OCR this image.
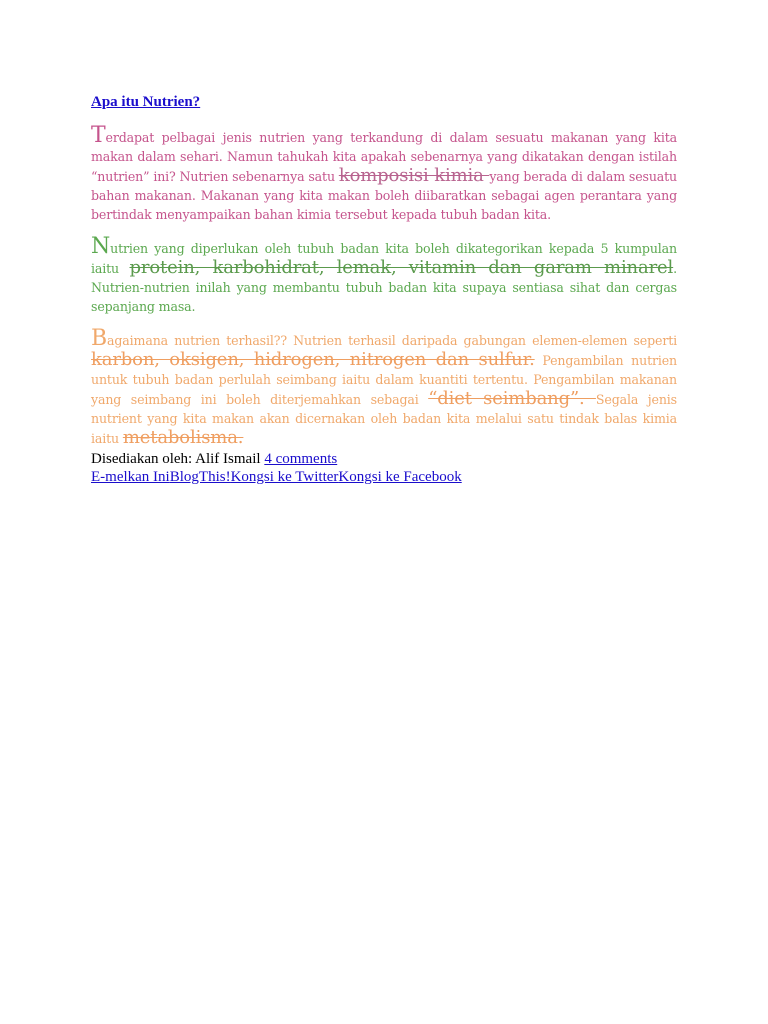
Apa itu Nutrien?

Terdapat pelbagai jenis nutrien yang terkandung di dalam sesuatu makanan yang kita makan dalam sehari. Namun tahukah kita apakah sebenarnya yang dikatakan dengan istilah “nutrien” ini? Nutrien sebenarnya satu komposisi kimia yang berada di dalam sesuatu bahan makanan. Makanan yang kita makan boleh diibaratkan sebagai agen perantara yang bertindak menyampaikan bahan kimia tersebut kepada tubuh badan kita.

Nutrien yang diperlukan oleh tubuh badan kita boleh dikategorikan kepada 5 kumpulan iaitu protein, karbohidrat, lemak, vitamin dan garam minarel. Nutrien-nutrien inilah yang membantu tubuh badan kita supaya sentiasa sihat dan cergas sepanjang masa.

Bagaimana nutrien terhasil?? Nutrien terhasil daripada gabungan elemen-elemen seperti karbon, oksigen, hidrogen, nitrogen dan sulfur. Pengambilan nutrien untuk tubuh badan perlulah seimbang iaitu dalam kuantiti tertentu. Pengambilan makanan yang seimbang ini boleh diterjemahkan sebagai “diet seimbang”. Segala jenis nutrient yang kita makan akan dicernakan oleh badan kita melalui satu tindak balas kimia iaitu metabolisma.

Disediakan oleh: Alif Ismail 4 comments

E-melkan IniBlogThis!Kongsi ke TwitterKongsi ke Facebook
